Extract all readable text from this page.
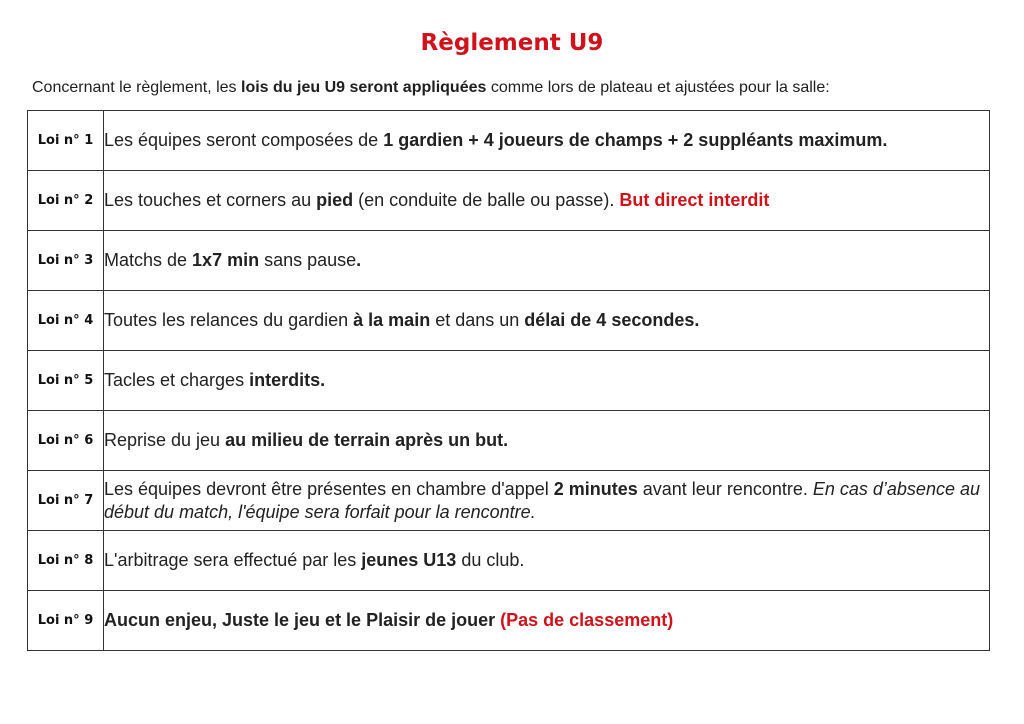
Règlement U9
Concernant le règlement, les lois du jeu U9 seront appliquées comme lors de plateau et ajustées pour la salle:
Loi n° 1	Les équipes seront composées de 1 gardien + 4 joueurs de champs + 2 suppléants maximum.
Loi n° 2	Les touches et corners au pied (en conduite de balle ou passe). But direct interdit
Loi n° 3	Matchs de 1x7 min sans pause.
Loi n° 4	Toutes les relances du gardien à la main et dans un délai de 4 secondes.
Loi n° 5	Tacles et charges interdits.
Loi n° 6	Reprise du jeu au milieu de terrain après un but.
Loi n° 7	Les équipes devront être présentes en chambre d'appel 2 minutes avant leur rencontre. En cas d’absence au début du match, l'équipe sera forfait pour la rencontre.
Loi n° 8	L'arbitrage sera effectué par les jeunes U13 du club.
Loi n° 9	Aucun enjeu, Juste le jeu et le Plaisir de jouer (Pas de classement)
